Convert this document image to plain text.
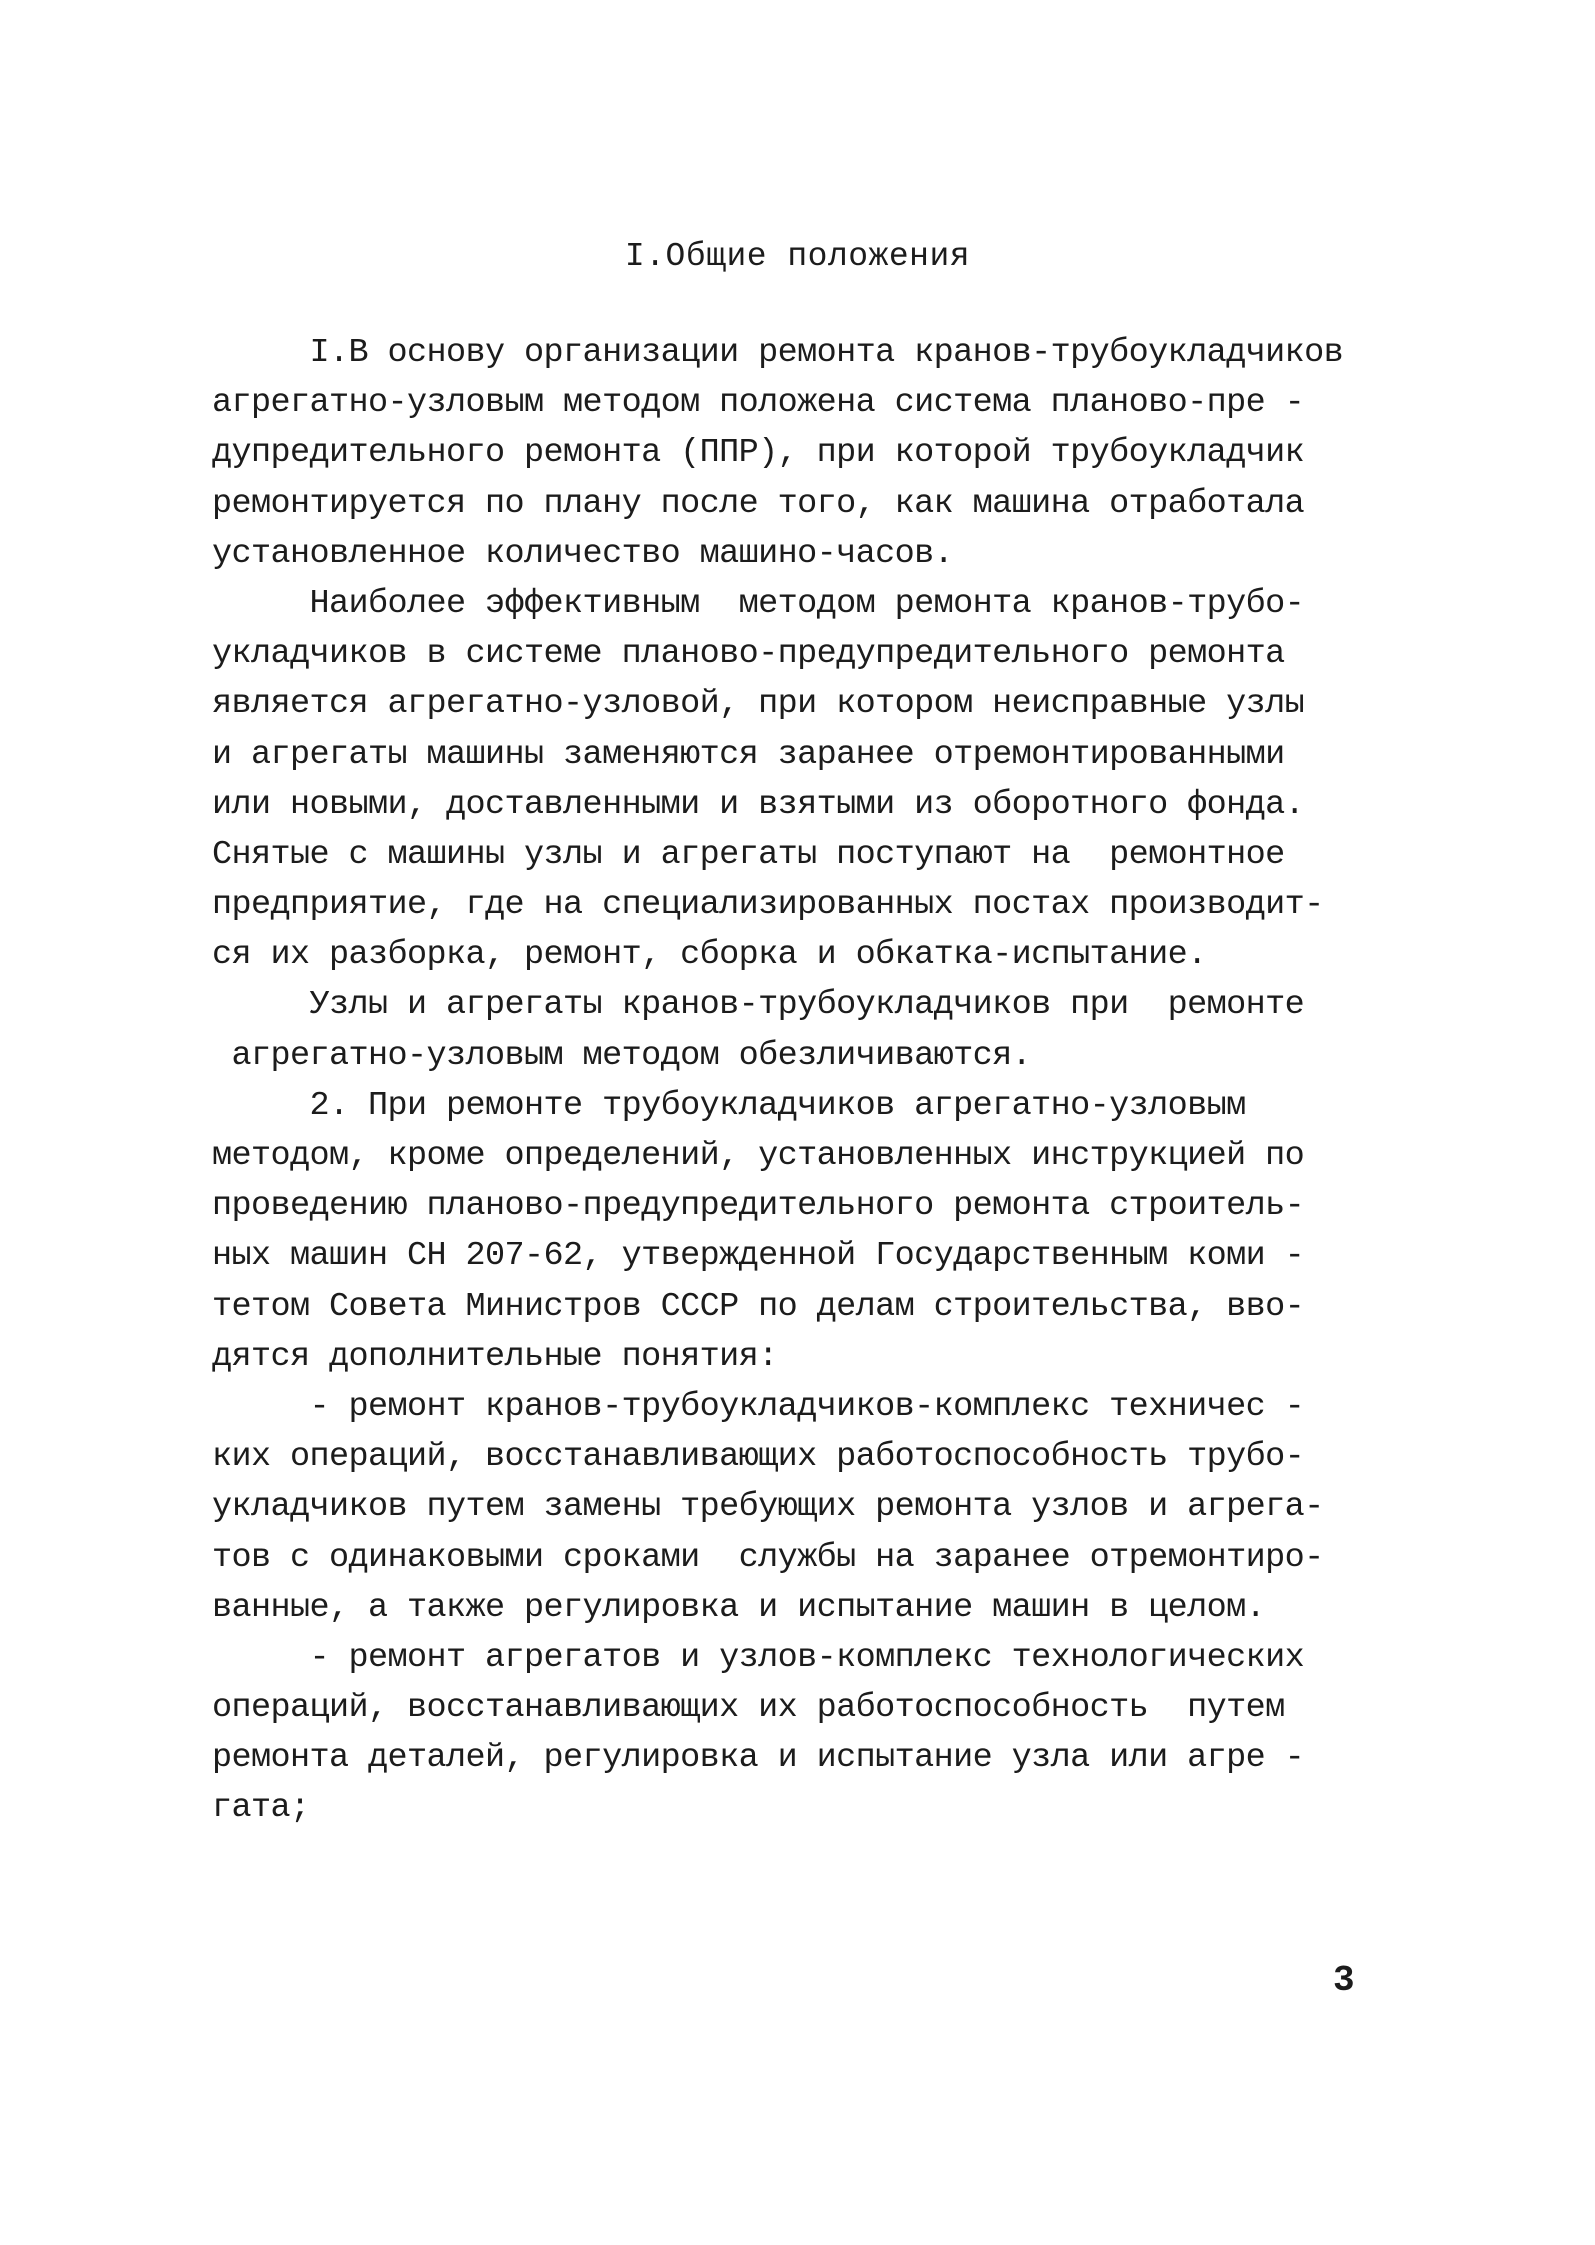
I.Общие положения
I.В основу организации ремонта кранов-трубоукладчиков
агрегатно-узловым методом положена система планово-пре -
дупредительного ремонта (ППР), при которой трубоукладчик
ремонтируется по плану после того, как машина отработала
установленное количество машино-часов.
Наиболее эффективным  методом ремонта кранов-трубо-
укладчиков в системе планово-предупредительного ремонта
является агрегатно-узловой, при котором неисправные узлы
и агрегаты машины заменяются заранее отремонтированными
или новыми, доставленными и взятыми из оборотного фонда.
Снятые с машины узлы и агрегаты поступают на  ремонтное
предприятие, где на специализированных постах производит-
ся их разборка, ремонт, сборка и обкатка-испытание.
Узлы и агрегаты кранов-трубоукладчиков при  ремонте
агрегатно-узловым методом обезличиваются.
2. При ремонте трубоукладчиков агрегатно-узловым
методом, кроме определений, установленных инструкцией по
проведению планово-предупредительного ремонта строитель-
ных машин СН 207-62, утвержденной Государственным коми -
тетом Совета Министров СССР по делам строительства, вво-
дятся дополнительные понятия:
- ремонт кранов-трубоукладчиков-комплекс техничес -
ких операций, восстанавливающих работоспособность трубо-
укладчиков путем замены требующих ремонта узлов и агрега-
тов с одинаковыми сроками  службы на заранее отремонтиро-
ванные, а также регулировка и испытание машин в целом.
- ремонт агрегатов и узлов-комплекс технологических
операций, восстанавливающих их работоспособность  путем
ремонта деталей, регулировка и испытание узла или агре -
гата;
3
